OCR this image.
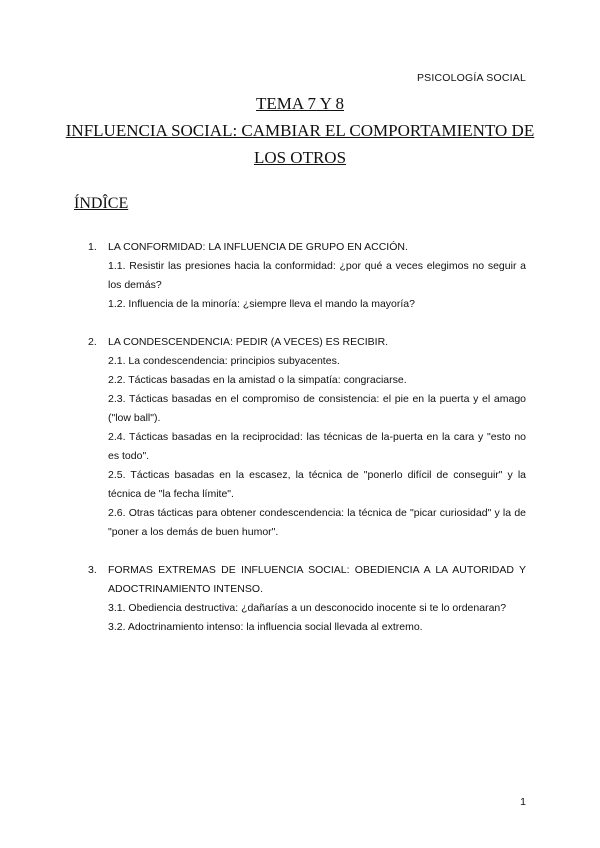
PSICOLOGÍA SOCIAL
TEMA 7 Y 8
INFLUENCIA SOCIAL: CAMBIAR EL COMPORTAMIENTO DE
LOS OTROS
ÍNDÎCE
1.	LA CONFORMIDAD: LA INFLUENCIA DE GRUPO EN ACCIÓN.
1.1. Resistir las presiones hacia la conformidad: ¿por qué a veces elegimos no seguir a los demás?
1.2. Influencia de la minoría: ¿siempre lleva el mando la mayoría?
2.	LA CONDESCENDENCIA: PEDIR (A VECES) ES RECIBIR.
2.1. La condescendencia: principios subyacentes.
2.2. Tácticas basadas en la amistad o la simpatía: congraciarse.
2.3. Tácticas basadas en el compromiso de consistencia: el pie en la puerta y el amago ("low ball").
2.4. Tácticas basadas en la reciprocidad: las técnicas de la-puerta en la cara y "esto no es todo".
2.5. Tácticas basadas en la escasez, la técnica de "ponerlo difícil de conseguir" y la técnica de "la fecha límite".
2.6. Otras tácticas para obtener condescendencia: la técnica de "picar curiosidad" y la de "poner a los demás de buen humor".
3.	FORMAS EXTREMAS DE INFLUENCIA SOCIAL: OBEDIENCIA A LA AUTORIDAD Y ADOCTRINAMIENTO INTENSO.
3.1. Obediencia destructiva: ¿dañarías a un desconocido inocente si te lo ordenaran?
3.2. Adoctrinamiento intenso: la influencia social llevada al extremo.
1
